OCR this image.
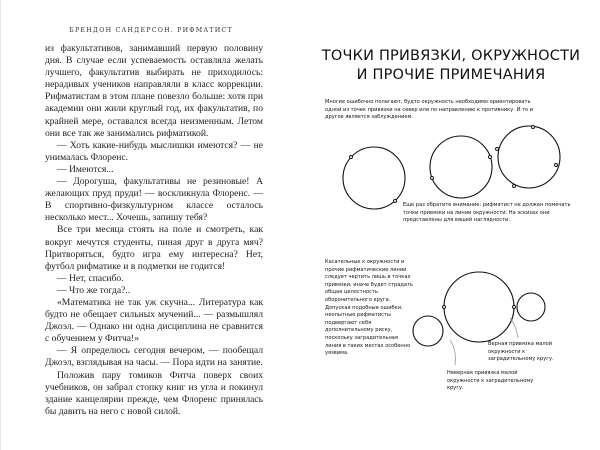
БРЕНДОН САНДЕРСОН. РИФМАТИСТ

из факультативов, занимавший первую половину дня. В случае если успеваемость оставляла желать лучшего, факультатив выбирать не приходилось: нерадивых учеников направляли в класс коррекции. Рифматистам в этом плане повезло больше: хотя при академии они жили круглый год, их факультатив, по крайней мере, оставался всегда неизменным. Летом они все так же занимались рифматикой.

— Хоть какие-нибудь мыслишки имеются? — не унималась Флоренс.

— Имеются...

— Дорогуша, факультативы не резиновые! А желающих пруд пруди! — воскликнула Флоренс. — В спортивно-физкультурном классе осталось несколько мест... Хочешь, запишу тебя?

Все три месяца стоять на поле и смотреть, как вокруг мечутся студенты, пиная друг в друга мяч? Притворяться, будто игра ему интересна? Нет, футбол рифматике и в подметки не годится!

— Нет, спасибо.

— Что же тогда?..

«Математика не так уж скучна... Литература как будто не обещает сильных мучений... — размышлял Джоэл. — Однако ни одна дисциплина не сравнится с обучением у Фитча!»

— Я определюсь сегодня вечером, — пообещал Джоэл, взглядывая на часы. — Пора идти на занятие.

Положив пару томиков Фитча поверх своих учебников, он забрал стопку книг из угла и покинул здание канцелярии прежде, чем Флоренс принялась бы давить на него с новой силой.

ТОЧКИ ПРИВЯЗКИ, ОКРУЖНОСТИ
И ПРОЧИЕ ПРИМЕЧАНИЯ
Многие ошибочно полагают, будто окружность необходимо ориентировать одной из точек привязки на север или по направлению к противнику. И то и другое является заблуждением.
Еще раз обратите внимание: рифматист не должен помечать точки привязки на линии окружности. На эскизах они представлены для вящей наглядности.
Касательные к окружности и прочие рифматические линии следует чертить лишь в точках привязки, иначе будет страдать общая целостность оборонительного круга. Допуская подобные ошибки, неопытные рифматисты подвергают себя дополнительному риску, поскольку заградительная линия в таких местах особенно уязвима.
Верная привязка малой окружности к заградительному кругу.
Неверная привязка малой окружности к заградительному кругу.
